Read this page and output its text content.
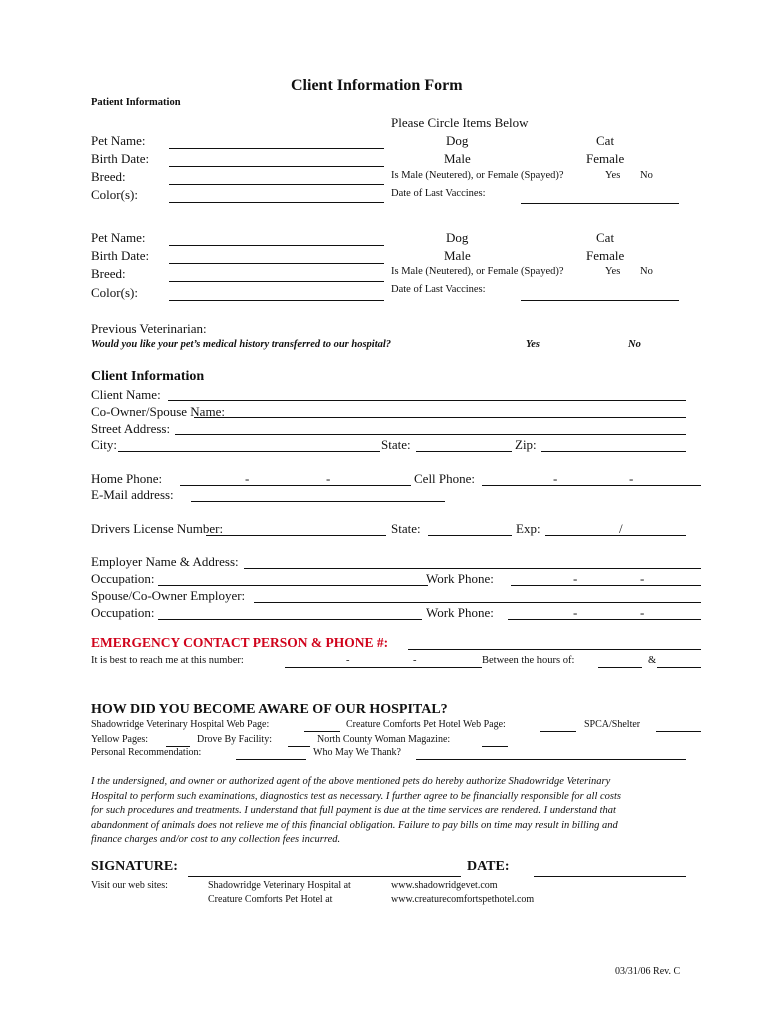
Client Information Form
Patient Information
Please Circle Items Below
Pet Name:
Birth Date:
Breed:
Color(s):
Dog	Cat
Male	Female
Is Male (Neutered), or Female (Spayed)?	Yes No
Date of Last Vaccines:
Pet Name:
Birth Date:
Breed:
Color(s):
Dog	Cat
Male	Female
Is Male (Neutered), or Female (Spayed)?	Yes No
Date of Last Vaccines:
Previous Veterinarian:
Would you like your pet’s medical history transferred to our hospital?	Yes	No
Client Information
Client Name:
Co-Owner/Spouse Name:
Street Address:
City:	State:	Zip:
Home Phone:	-	-	Cell Phone:	-	-
E-Mail address:
Drivers License Number:	State:	Exp:	/
Employer Name & Address:
Occupation:	Work Phone:	-	-
Spouse/Co-Owner Employer:
Occupation:	Work Phone:	-	-
EMERGENCY CONTACT PERSON & PHONE #:
It is best to reach me at this number:	-	-	Between the hours of:	&
HOW DID YOU BECOME AWARE OF OUR HOSPITAL?
Shadowridge Veterinary Hospital Web Page:	Creature Comforts Pet Hotel Web Page:	SPCA/Shelter
Yellow Pages:	Drove By Facility:	North County Woman Magazine:
Personal Recommendation:	Who May We Thank?
I the undersigned, and owner or authorized agent of the above mentioned pets do hereby authorize Shadowridge Veterinary
Hospital to perform such examinations, diagnostics test as necessary. I further agree to be financially responsible for all costs
for such procedures and treatments. I understand that full payment is due at the time services are rendered. I understand that
abandonment of animals does not relieve me of this financial obligation. Failure to pay bills on time may result in billing and
finance charges and/or cost to any collection fees incurred.
SIGNATURE:	DATE:
Visit our web sites:	Shadowridge Veterinary Hospital at	www.shadowridgevet.com
Creature Comforts Pet Hotel at	www.creaturecomfortspethotel.com
03/31/06 Rev. C
